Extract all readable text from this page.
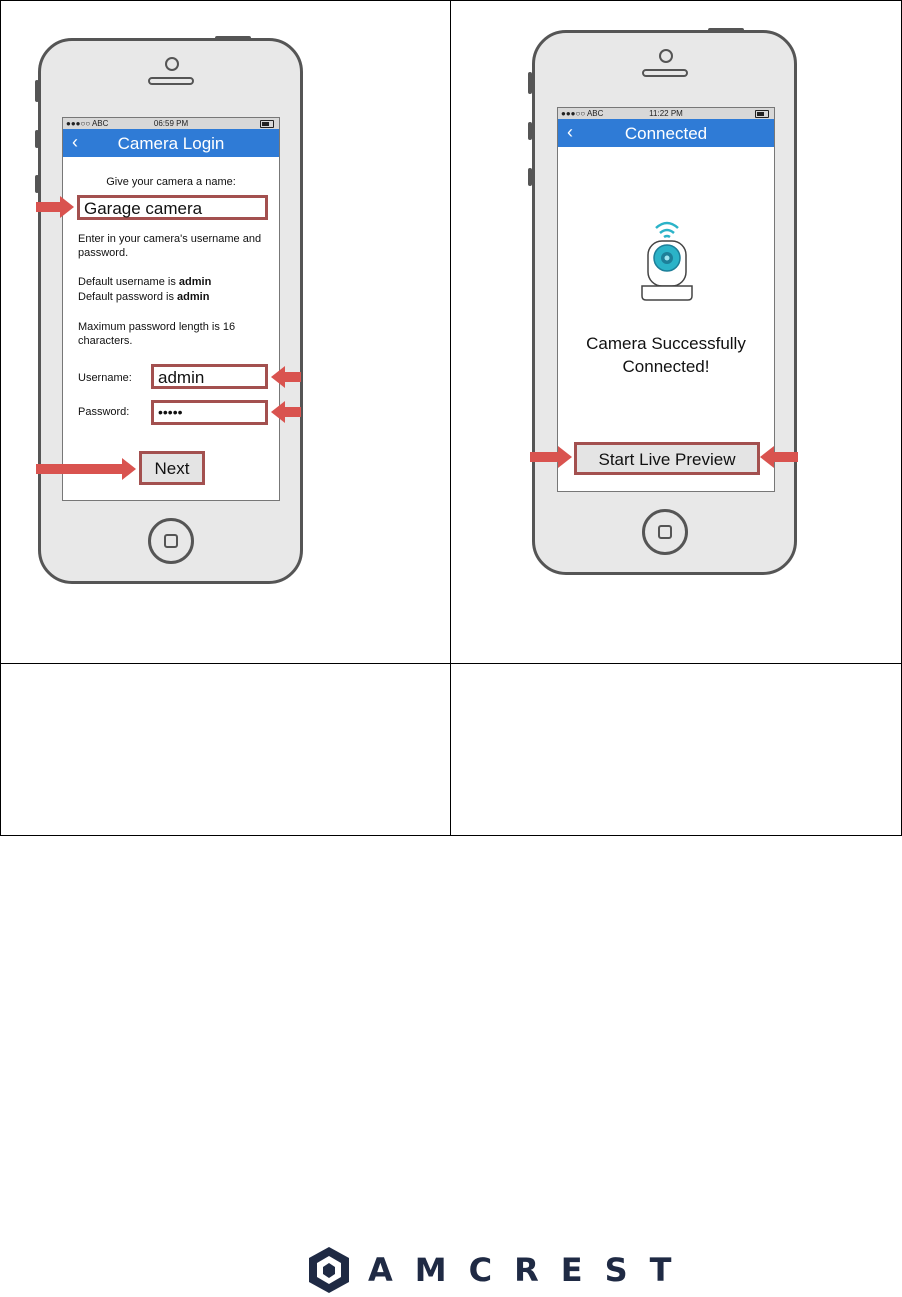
●●●○○ ABC	06:59 PM
‹	Camera Login
Give your camera a name:
Garage camera
Enter in your camera's username and password.
Default username is admin
Default password is admin
Maximum password length is 16 characters.
Username: admin
Password: •••••
Next
●●●○○ ABC	11:22 PM
‹	Connected
Camera Successfully
Connected!
Start Live Preview
AMCREST
